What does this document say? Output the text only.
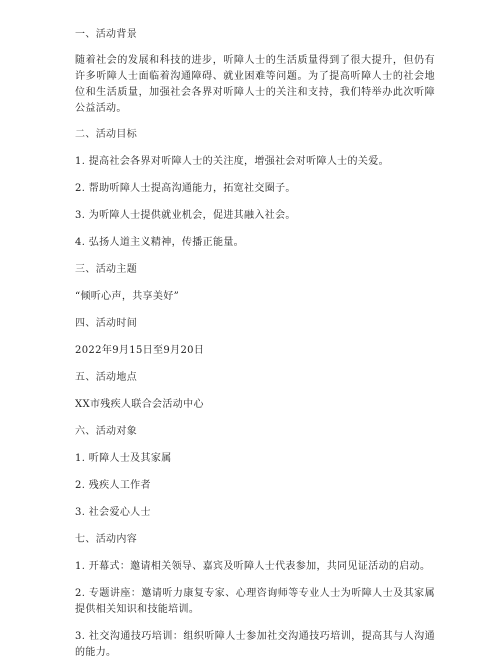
一、活动背景

随着社会的发展和科技的进步，听障人士的生活质量得到了很大提升，但仍有许多听障人士面临着沟通障碍、就业困难等问题。为了提高听障人士的社会地位和生活质量，加强社会各界对听障人士的关注和支持，我们特举办此次听障公益活动。

二、活动目标

1. 提高社会各界对听障人士的关注度，增强社会对听障人士的关爱。

2. 帮助听障人士提高沟通能力，拓宽社交圈子。

3. 为听障人士提供就业机会，促进其融入社会。

4. 弘扬人道主义精神，传播正能量。

三、活动主题

“倾听心声，共享美好”

四、活动时间

2022年9月15日至9月20日

五、活动地点

XX市残疾人联合会活动中心

六、活动对象

1. 听障人士及其家属

2. 残疾人工作者

3. 社会爱心人士

七、活动内容

1. 开幕式：邀请相关领导、嘉宾及听障人士代表参加，共同见证活动的启动。

2. 专题讲座：邀请听力康复专家、心理咨询师等专业人士为听障人士及其家属提供相关知识和技能培训。

3. 社交沟通技巧培训：组织听障人士参加社交沟通技巧培训，提高其与人沟通的能力。
